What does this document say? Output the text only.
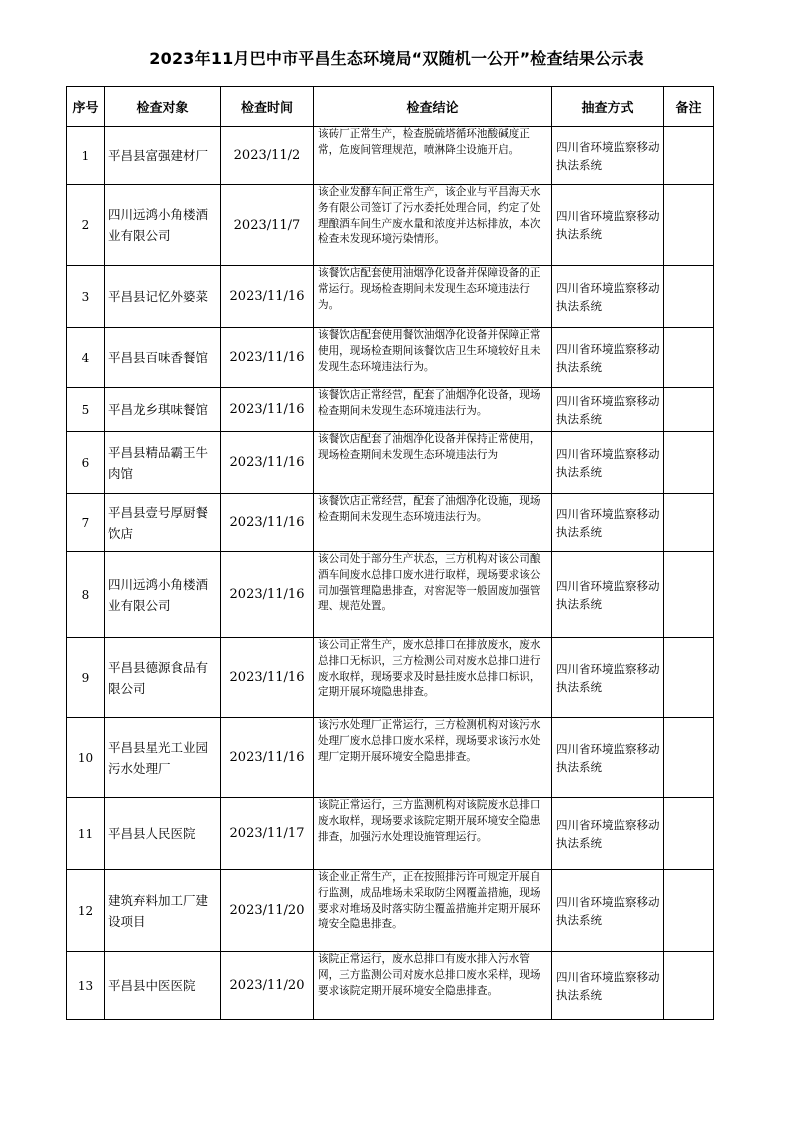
2023年11月巴中市平昌生态环境局“双随机一公开”检查结果公示表
序号	检查对象	检查时间	检查结论	抽查方式	备注
1	平昌县富强建材厂	2023/11/2	该砖厂正常生产，检查脱硫塔循环池酸碱度正常，危废间管理规范，喷淋降尘设施开启。	四川省环境监察移动执法系统	
2	四川远鸿小角楼酒业有限公司	2023/11/7	该企业发酵车间正常生产，该企业与平昌海天水务有限公司签订了污水委托处理合同，约定了处理酿酒车间生产废水量和浓度并达标排放，本次检查未发现环境污染情形。	四川省环境监察移动执法系统	
3	平昌县记忆外婆菜	2023/11/16	该餐饮店配套使用油烟净化设备并保障设备的正常运行。现场检查期间未发现生态环境违法行为。	四川省环境监察移动执法系统	
4	平昌县百味香餐馆	2023/11/16	该餐饮店配套使用餐饮油烟净化设备并保障正常使用，现场检查期间该餐饮店卫生环境较好且未发现生态环境违法行为。	四川省环境监察移动执法系统	
5	平昌龙乡琪味餐馆	2023/11/16	该餐饮店正常经营，配套了油烟净化设备，现场检查期间未发现生态环境违法行为。	四川省环境监察移动执法系统	
6	平昌县精品霸王牛肉馆	2023/11/16	该餐饮店配套了油烟净化设备并保持正常使用，现场检查期间未发现生态环境违法行为	四川省环境监察移动执法系统	
7	平昌县壹号厚厨餐饮店	2023/11/16	该餐饮店正常经营，配套了油烟净化设施，现场检查期间未发现生态环境违法行为。	四川省环境监察移动执法系统	
8	四川远鸿小角楼酒业有限公司	2023/11/16	该公司处于部分生产状态，三方机构对该公司酿酒车间废水总排口废水进行取样，现场要求该公司加强管理隐患排查，对窖泥等一般固废加强管理、规范处置。	四川省环境监察移动执法系统	
9	平昌县德源食品有限公司	2023/11/16	该公司正常生产，废水总排口在排放废水，废水总排口无标识，三方检测公司对废水总排口进行废水取样，现场要求及时悬挂废水总排口标识，定期开展环境隐患排查。	四川省环境监察移动执法系统	
10	平昌县星光工业园污水处理厂	2023/11/16	该污水处理厂正常运行，三方检测机构对该污水处理厂废水总排口废水采样，现场要求该污水处理厂定期开展环境安全隐患排查。	四川省环境监察移动执法系统	
11	平昌县人民医院	2023/11/17	该院正常运行，三方监测机构对该院废水总排口废水取样，现场要求该院定期开展环境安全隐患排查，加强污水处理设施管理运行。	四川省环境监察移动执法系统	
12	建筑弃料加工厂建设项目	2023/11/20	该企业正常生产，正在按照排污许可规定开展自行监测，成品堆场未采取防尘网覆盖措施，现场要求对堆场及时落实防尘覆盖措施并定期开展环境安全隐患排查。	四川省环境监察移动执法系统	
13	平昌县中医医院	2023/11/20	该院正常运行，废水总排口有废水排入污水管网，三方监测公司对废水总排口废水采样，现场要求该院定期开展环境安全隐患排查。	四川省环境监察移动执法系统	
